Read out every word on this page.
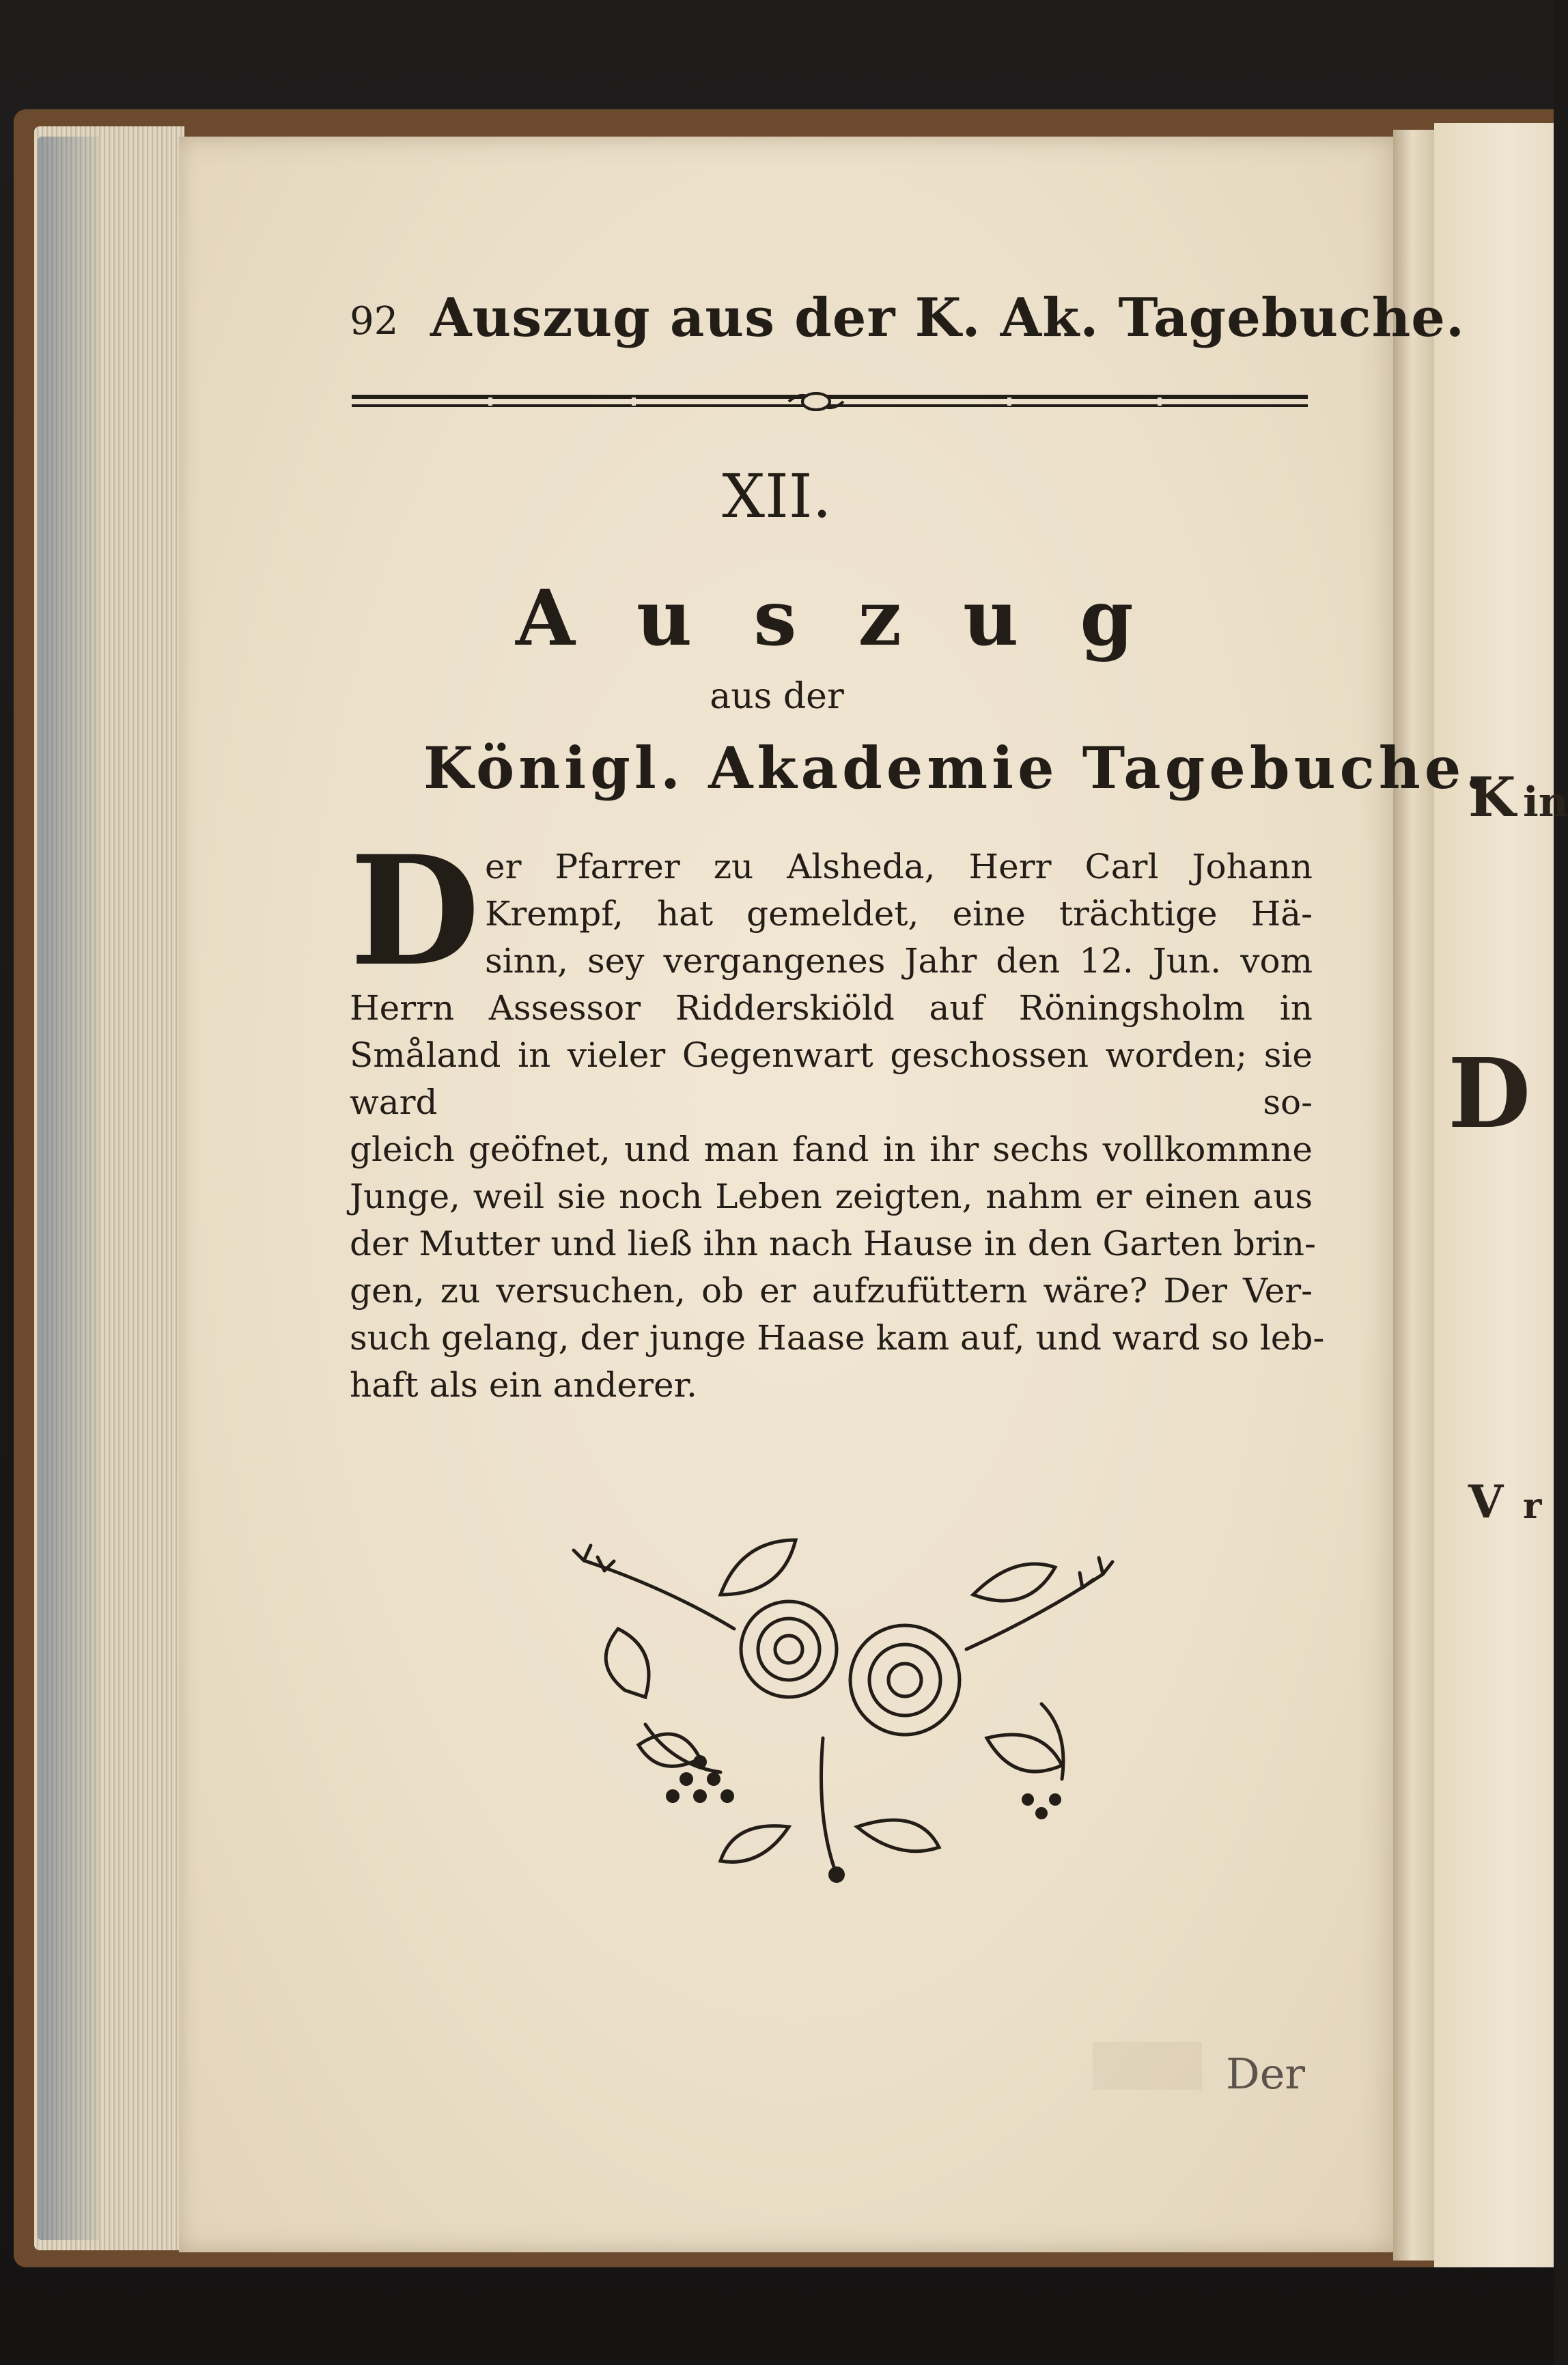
K in
D
V r
92 Auszug aus der K. Ak. Tagebuche.
XII.
Auszug
aus der
Königl. Akademie Tagebuche.
D er Pfarrer zu Alsheda, Herr Carl Johann
Krempf, hat gemeldet, eine trächtige Hä-
sinn, sey vergangenes Jahr den 12. Jun. vom
Herrn Assessor Ridderskiöld auf Röningsholm in Småland in vieler Gegenwart geschossen worden; sie ward so-
gleich geöfnet, und man fand in ihr sechs vollkommne
Junge, weil sie noch Leben zeigten, nahm er einen aus
der Mutter und ließ ihn nach Hause in den Garten brin-
gen, zu versuchen, ob er aufzufüttern wäre? Der Ver-
such gelang, der junge Haase kam auf, und ward so leb-
haft als ein anderer.
Der
